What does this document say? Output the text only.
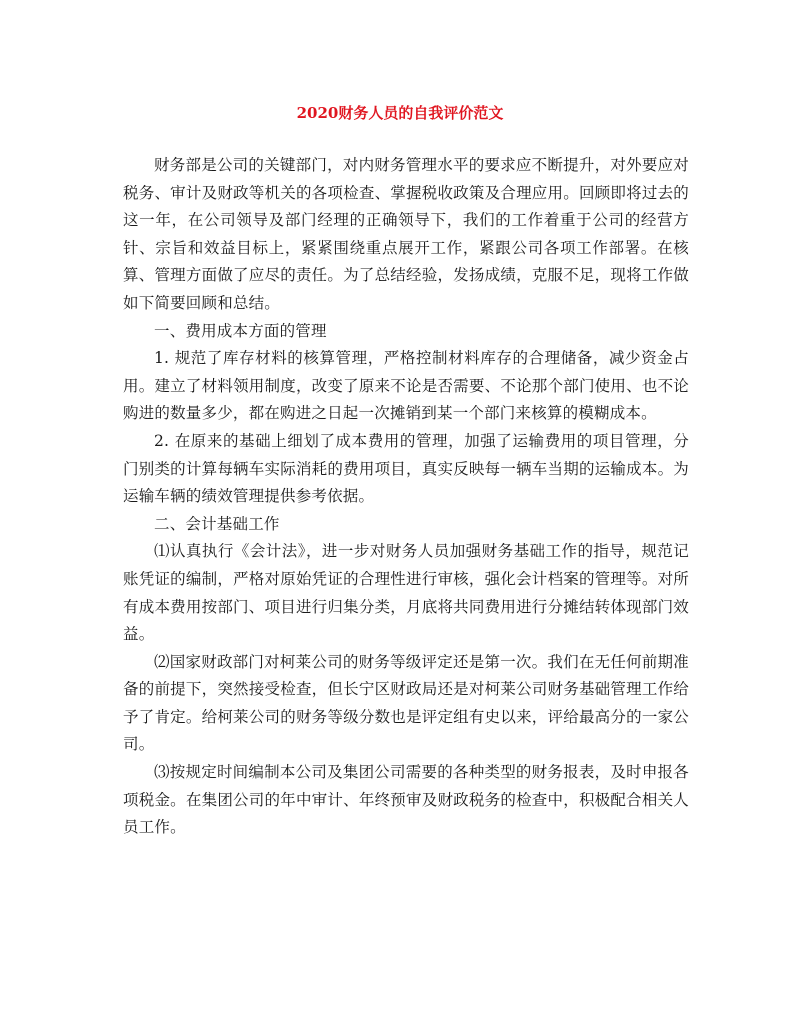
2020财务人员的自我评价范文

财务部是公司的关键部门，对内财务管理水平的要求应不断提升，对外要应对税务、审计及财政等机关的各项检查、掌握税收政策及合理应用。回顾即将过去的这一年，在公司领导及部门经理的正确领导下，我们的工作着重于公司的经营方针、宗旨和效益目标上，紧紧围绕重点展开工作，紧跟公司各项工作部署。在核算、管理方面做了应尽的责任。为了总结经验，发扬成绩，克服不足，现将工作做如下简要回顾和总结。

一、费用成本方面的管理

1. 规范了库存材料的核算管理，严格控制材料库存的合理储备，减少资金占用。建立了材料领用制度，改变了原来不论是否需要、不论那个部门使用、也不论购进的数量多少，都在购进之日起一次摊销到某一个部门来核算的模糊成本。

2. 在原来的基础上细划了成本费用的管理，加强了运输费用的项目管理，分门别类的计算每辆车实际消耗的费用项目，真实反映每一辆车当期的运输成本。为运输车辆的绩效管理提供参考依据。

二、会计基础工作

⑴认真执行《会计法》，进一步对财务人员加强财务基础工作的指导，规范记账凭证的编制，严格对原始凭证的合理性进行审核，强化会计档案的管理等。对所有成本费用按部门、项目进行归集分类，月底将共同费用进行分摊结转体现部门效益。

⑵国家财政部门对柯莱公司的财务等级评定还是第一次。我们在无任何前期准备的前提下，突然接受检查，但长宁区财政局还是对柯莱公司财务基础管理工作给予了肯定。给柯莱公司的财务等级分数也是评定组有史以来，评给最高分的一家公司。

⑶按规定时间编制本公司及集团公司需要的各种类型的财务报表，及时申报各项税金。在集团公司的年中审计、年终预审及财政税务的检查中，积极配合相关人员工作。
